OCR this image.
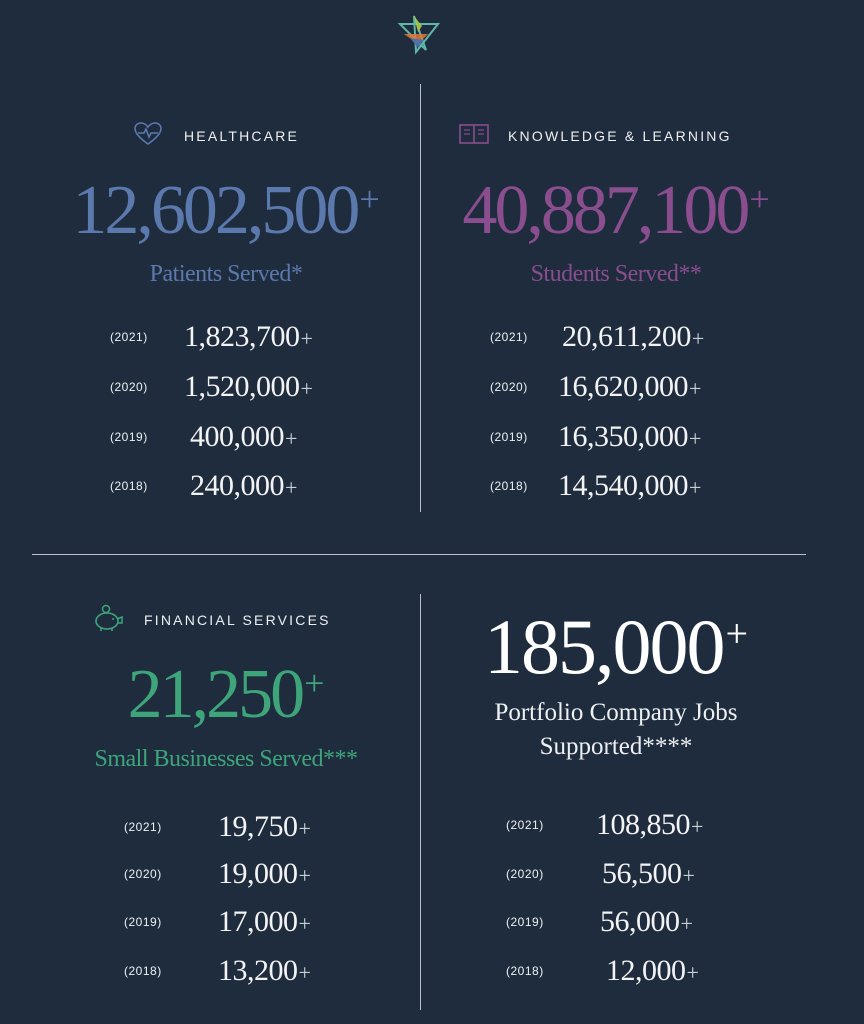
HEALTHCARE
12,602,500+
Patients Served*
(2021)	1,823,700+
(2020)	1,520,000+
(2019)	400,000+
(2018)	240,000+
KNOWLEDGE & LEARNING
40,887,100+
Students Served**
(2021)	20,611,200+
(2020)	16,620,000+
(2019)	16,350,000+
(2018)	14,540,000+
FINANCIAL SERVICES
21,250+
Small Businesses Served***
(2021)	19,750+
(2020)	19,000+
(2019)	17,000+
(2018)	13,200+
185,000+
Portfolio Company Jobs
Supported****
(2021)	108,850+
(2020)	56,500+
(2019)	56,000+
(2018)	12,000+
